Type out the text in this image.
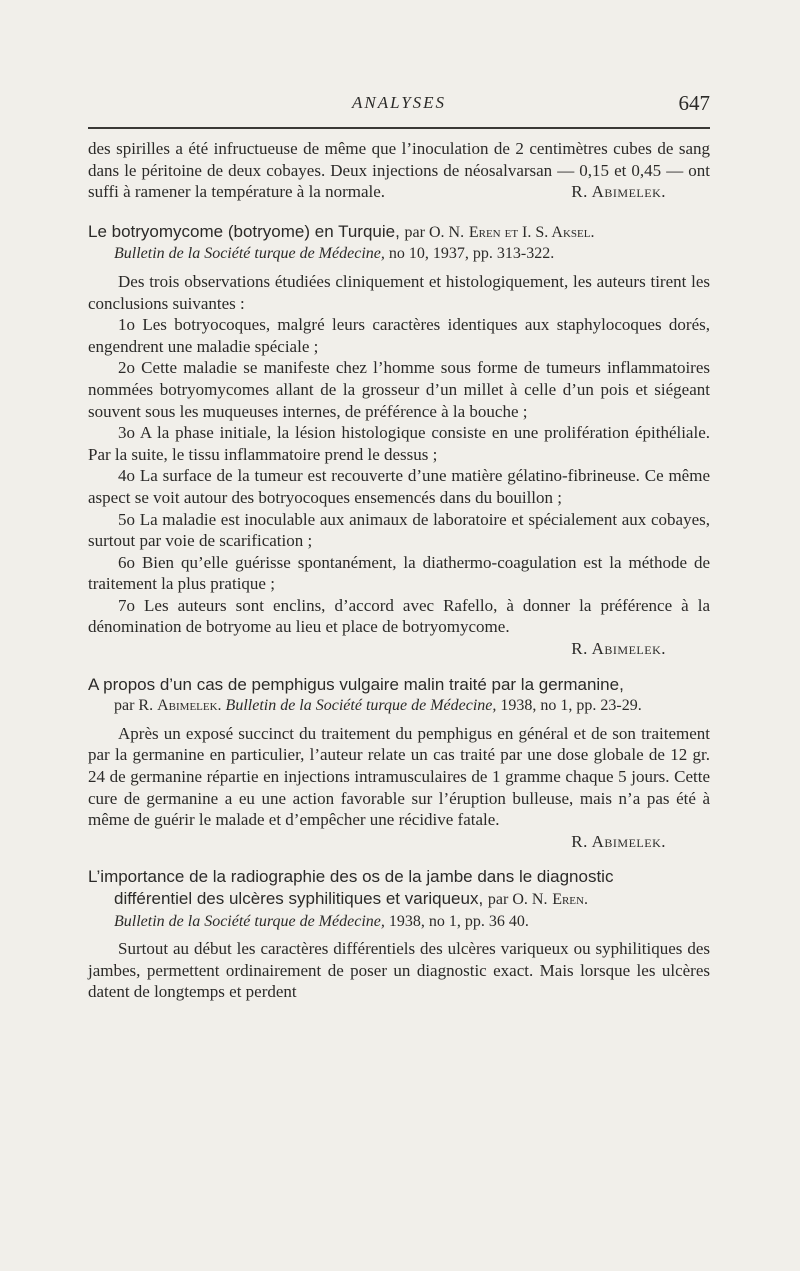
ANALYSES	647

des spirilles a été infructueuse de même que l’inoculation de 2 centimètres cubes de sang dans le péritoine de deux cobayes. Deux injections de néosalvarsan — 0,15 et 0,45 — ont suffi à ramener la température à la normale.	R. Abimelek.

Le botryomycome (botryome) en Turquie, par O. N. Eren et I. S. Aksel.
Bulletin de la Société turque de Médecine, no 10, 1937, pp. 313-322.

Des trois observations étudiées cliniquement et histologiquement, les auteurs tirent les conclusions suivantes :

1o Les botryocoques, malgré leurs caractères identiques aux staphylocoques dorés, engendrent une maladie spéciale ;

2o Cette maladie se manifeste chez l’homme sous forme de tumeurs inflammatoires nommées botryomycomes allant de la grosseur d’un millet à celle d’un pois et siégeant souvent sous les muqueuses internes, de préférence à la bouche ;

3o A la phase initiale, la lésion histologique consiste en une prolifération épithéliale. Par la suite, le tissu inflammatoire prend le dessus ;

4o La surface de la tumeur est recouverte d’une matière gélatino-fibrineuse. Ce même aspect se voit autour des botryocoques ensemencés dans du bouillon ;

5o La maladie est inoculable aux animaux de laboratoire et spécialement aux cobayes, surtout par voie de scarification ;

6o Bien qu’elle guérisse spontanément, la diathermo-coagulation est la méthode de traitement la plus pratique ;

7o Les auteurs sont enclins, d’accord avec Rafello, à donner la préférence à la dénomination de botryome au lieu et place de botryomycome.

R. Abimelek.

A propos d’un cas de pemphigus vulgaire malin traité par la germanine,
par R. Abimelek. Bulletin de la Société turque de Médecine, 1938, no 1, pp. 23-29.

Après un exposé succinct du traitement du pemphigus en général et de son traitement par la germanine en particulier, l’auteur relate un cas traité par une dose globale de 12 gr. 24 de germanine répartie en injections intramusculaires de 1 gramme chaque 5 jours. Cette cure de germanine a eu une action favorable sur l’éruption bulleuse, mais n’a pas été à même de guérir le malade et d’empêcher une récidive fatale.

R. Abimelek.

L’importance de la radiographie des os de la jambe dans le diagnostic
différentiel des ulcères syphilitiques et variqueux, par O. N. Eren.
Bulletin de la Société turque de Médecine, 1938, no 1, pp. 36 40.

Surtout au début les caractères différentiels des ulcères variqueux ou syphilitiques des jambes, permettent ordinairement de poser un diagnostic exact. Mais lorsque les ulcères datent de longtemps et perdent
